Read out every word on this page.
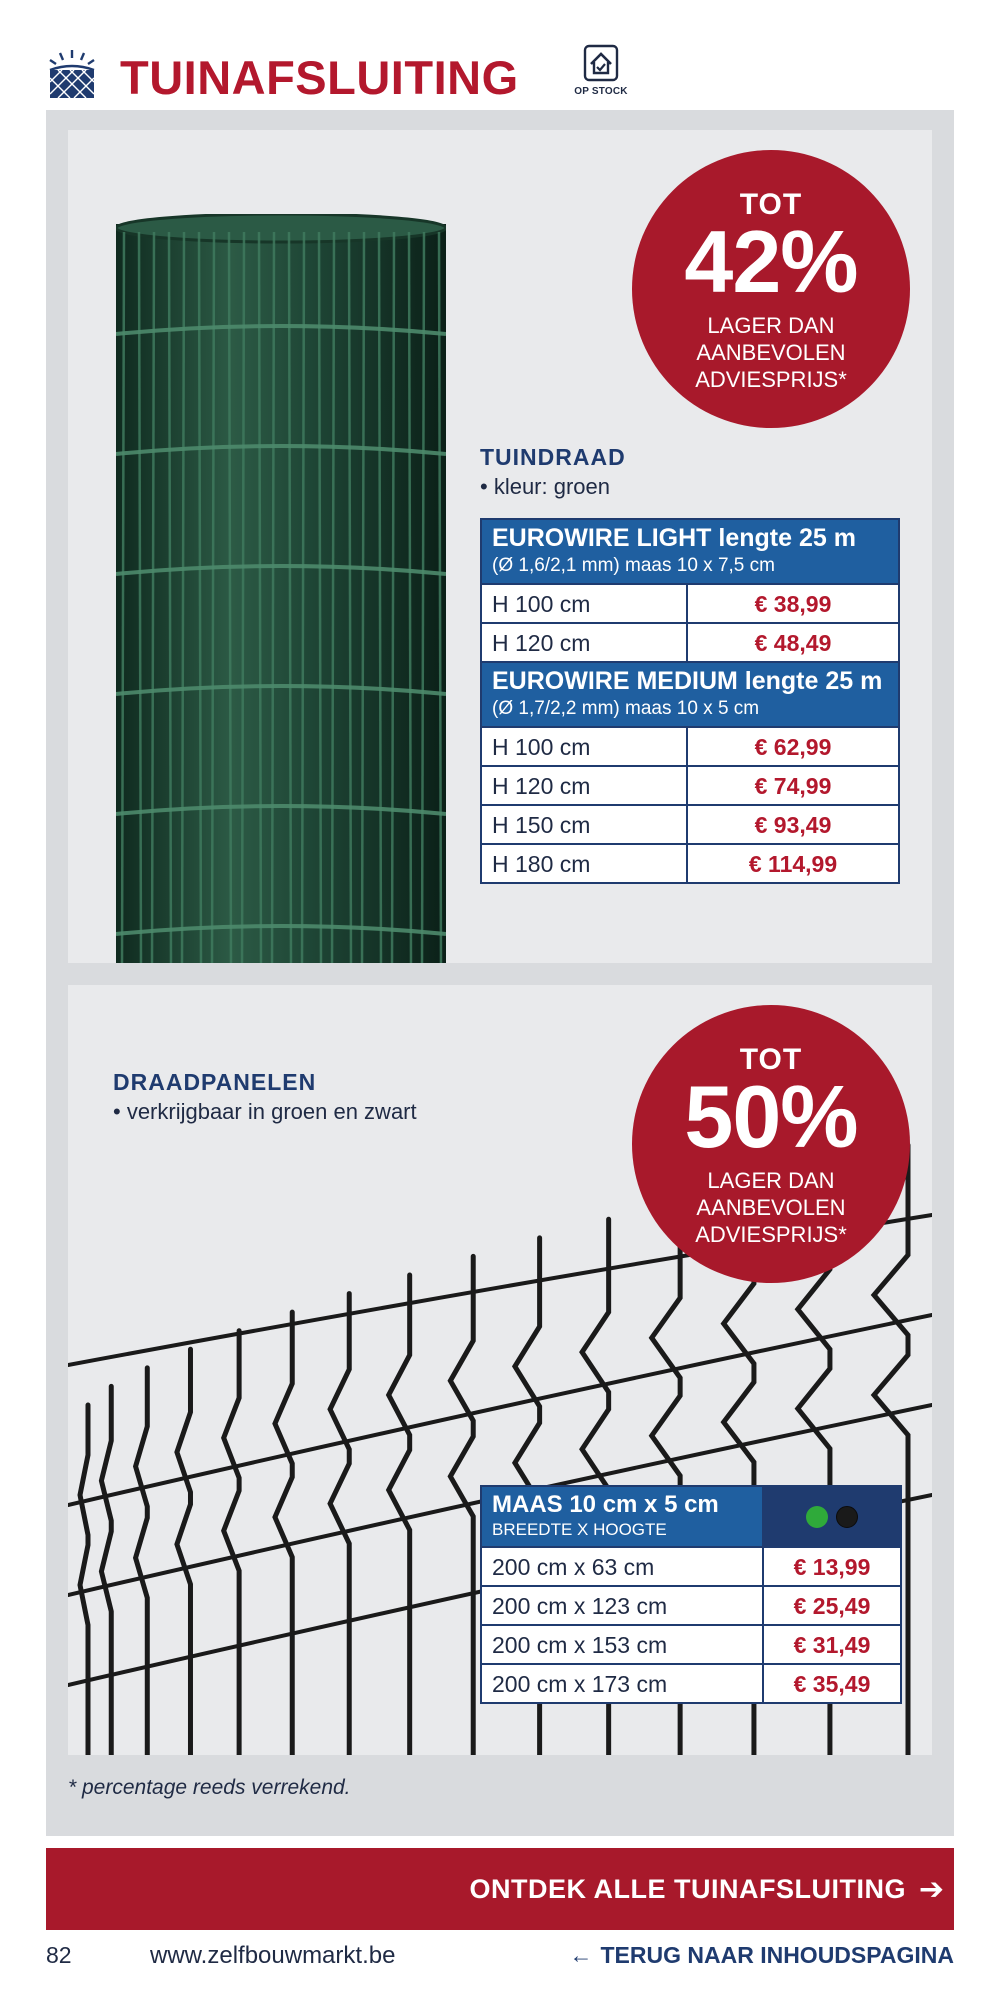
TUINAFSLUITING	OP STOCK
TOT
42%
LAGER DAN
AANBEVOLEN
ADVIESPRIJS*
TUINDRAAD
• kleur: groen
EUROWIRE LIGHT lengte 25 m
(Ø 1,6/2,1 mm) maas 10 x 7,5 cm
H 100 cm	€ 38,99
H 120 cm	€ 48,49
EUROWIRE MEDIUM lengte 25 m
(Ø 1,7/2,2 mm) maas 10 x 5 cm
H 100 cm	€ 62,99
H 120 cm	€ 74,99
H 150 cm	€ 93,49
H 180 cm	€ 114,99
TOT
50%
LAGER DAN
AANBEVOLEN
ADVIESPRIJS*
DRAADPANELEN
• verkrijgbaar in groen en zwart
MAAS 10 cm x 5 cm
BREEDTE X HOOGTE
200 cm x 63 cm	€ 13,99
200 cm x 123 cm	€ 25,49
200 cm x 153 cm	€ 31,49
200 cm x 173 cm	€ 35,49
* percentage reeds verrekend.
ONTDEK ALLE TUINAFSLUITING ➔
82	www.zelfbouwmarkt.be	← TERUG NAAR INHOUDSPAGINA
